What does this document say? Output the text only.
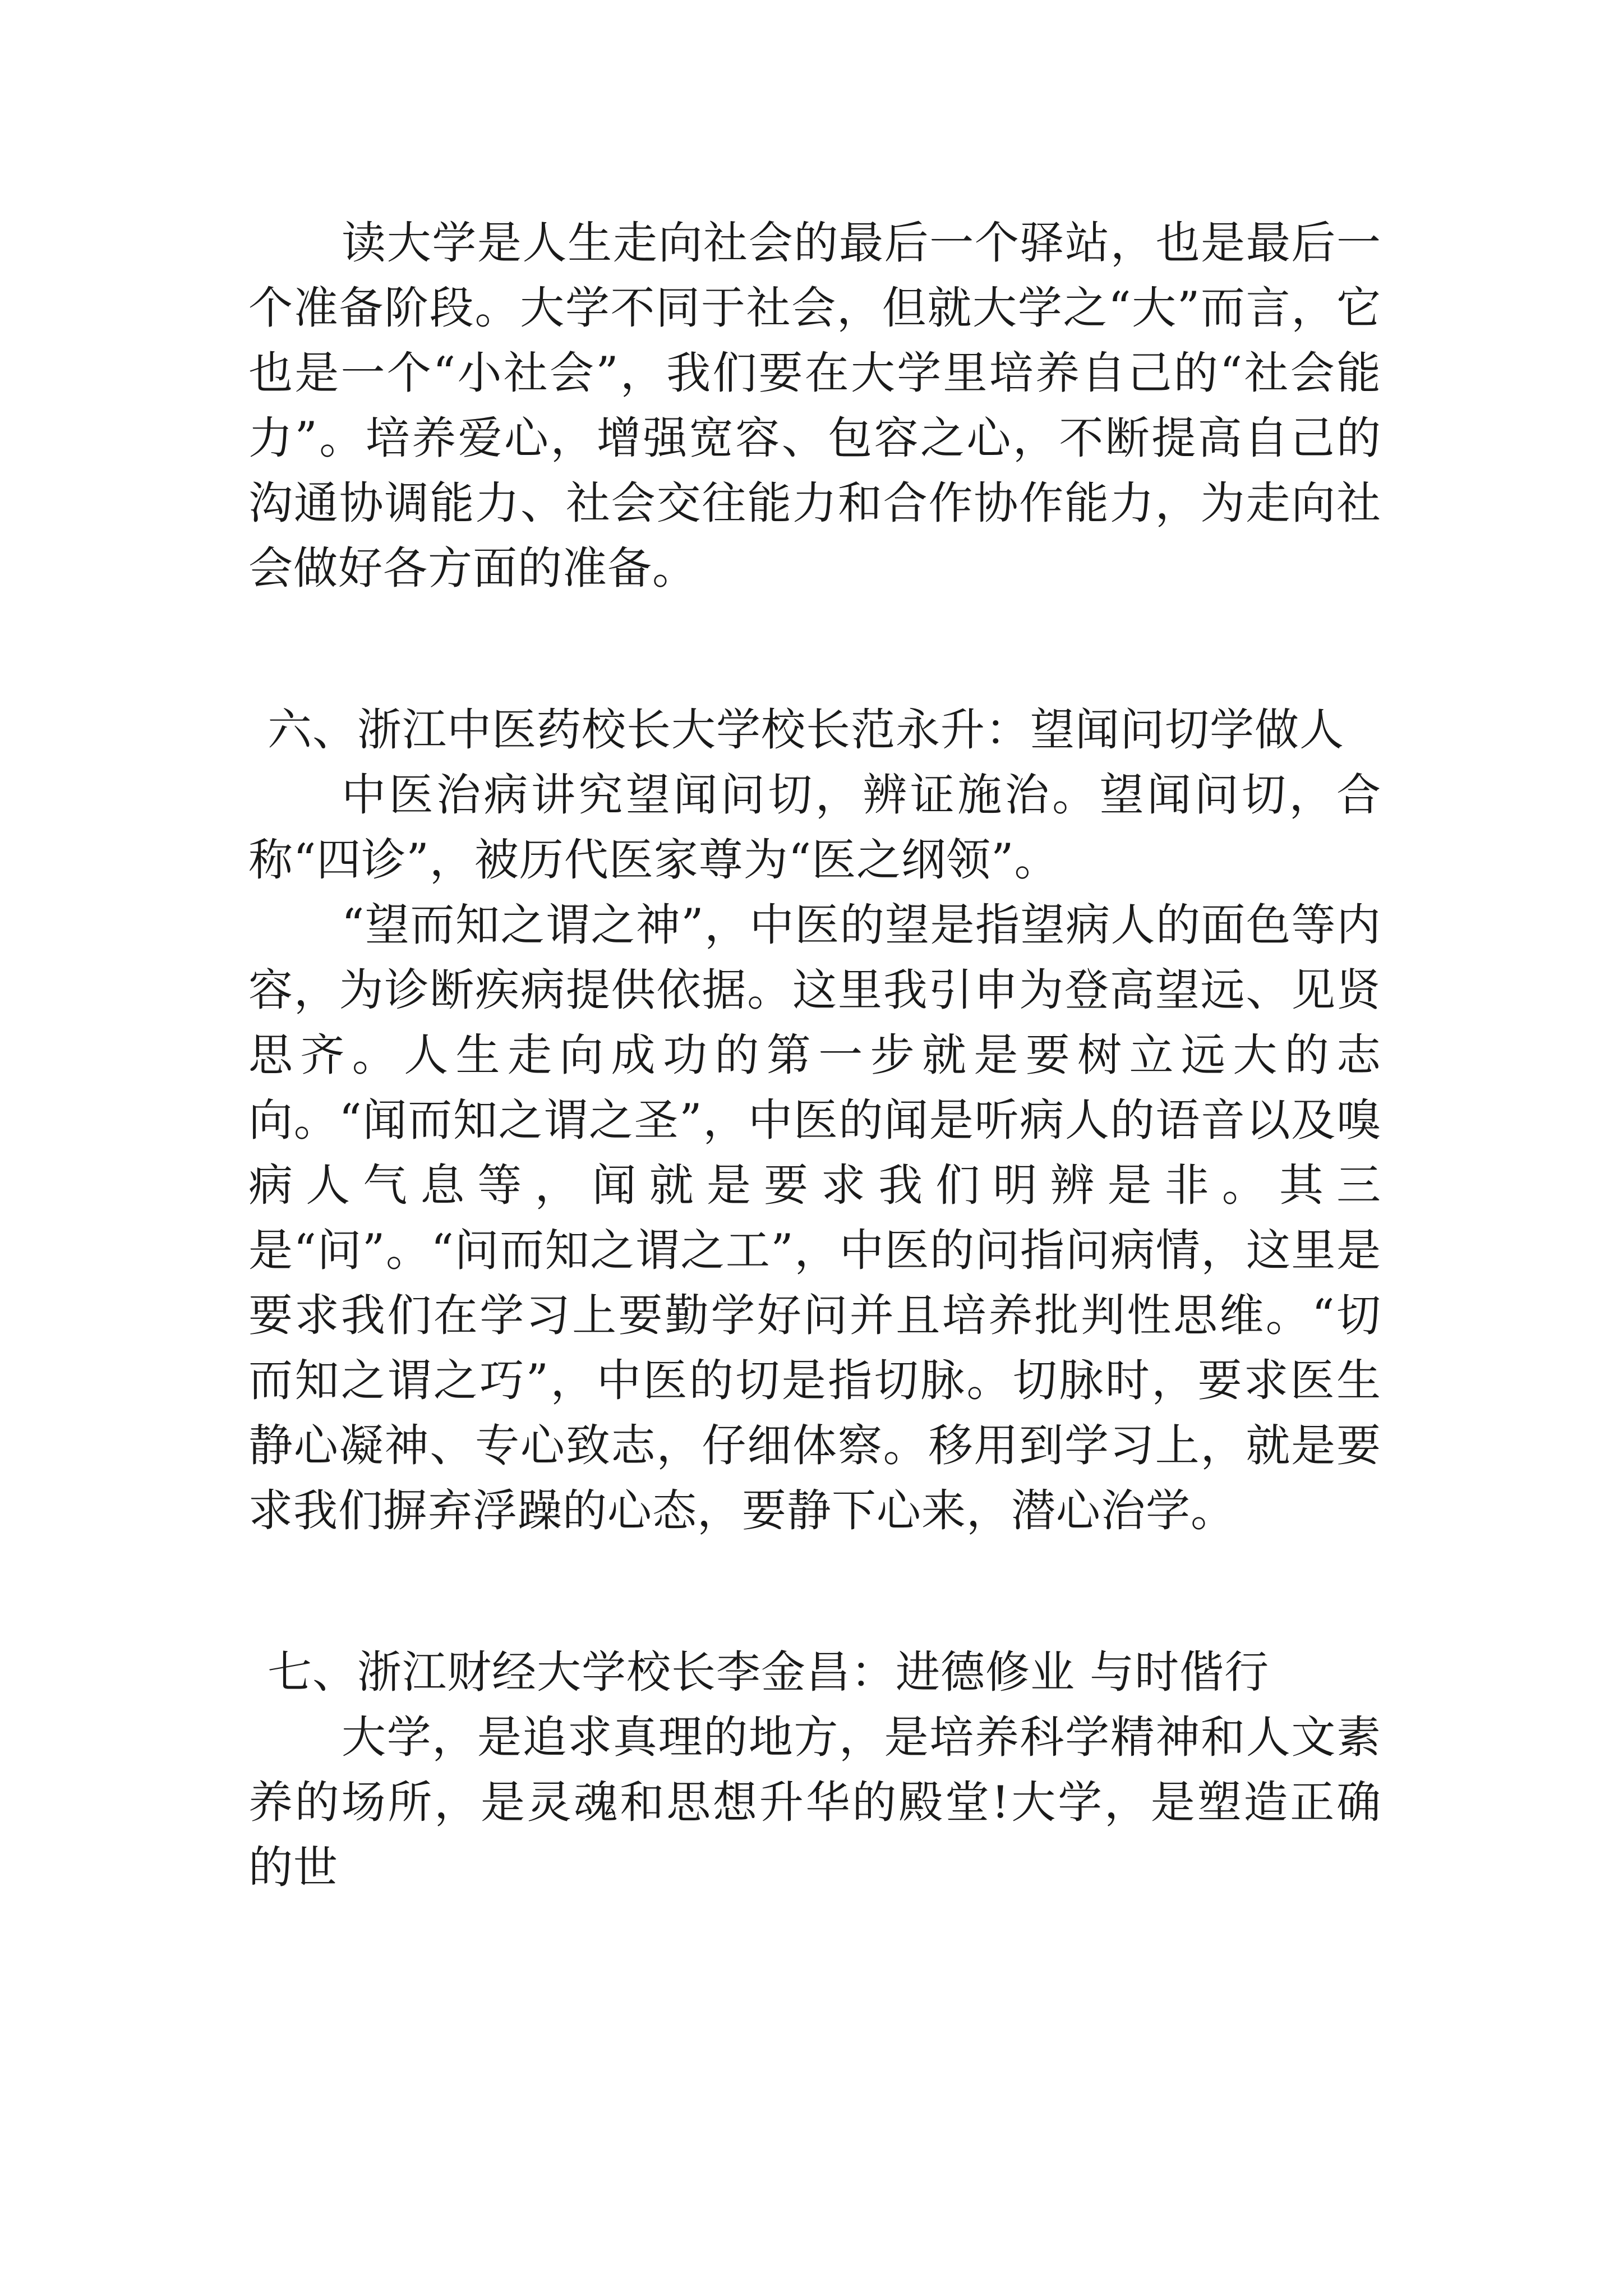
读大学是人生走向社会的最后一个驿站，也是最后一个准备阶段。大学不同于社会，但就大学之“大”而言，它也是一个“小社会”，我们要在大学里培养自己的“社会能力”。培养爱心，增强宽容、包容之心，不断提高自己的沟通协调能力、社会交往能力和合作协作能力，为走向社会做好各方面的准备。

六、浙江中医药校长大学校长范永升：望闻问切学做人

中医治病讲究望闻问切，辨证施治。望闻问切，合称“四诊”，被历代医家尊为“医之纲领”。

“望而知之谓之神”，中医的望是指望病人的面色等内容，为诊断疾病提供依据。这里我引申为登高望远、见贤思齐。人生走向成功的第一步就是要树立远大的志向。“闻而知之谓之圣”，中医的闻是听病人的语音以及嗅病人气息等，闻就是要求我们明辨是非。其三是“问”。“问而知之谓之工”，中医的问指问病情，这里是要求我们在学习上要勤学好问并且培养批判性思维。“切而知之谓之巧”，中医的切是指切脉。切脉时，要求医生静心凝神、专心致志，仔细体察。移用到学习上，就是要求我们摒弃浮躁的心态，要静下心来，潜心治学。

七、浙江财经大学校长李金昌：进德修业 与时偕行

大学，是追求真理的地方，是培养科学精神和人文素养的场所，是灵魂和思想升华的殿堂!大学，是塑造正确的世
